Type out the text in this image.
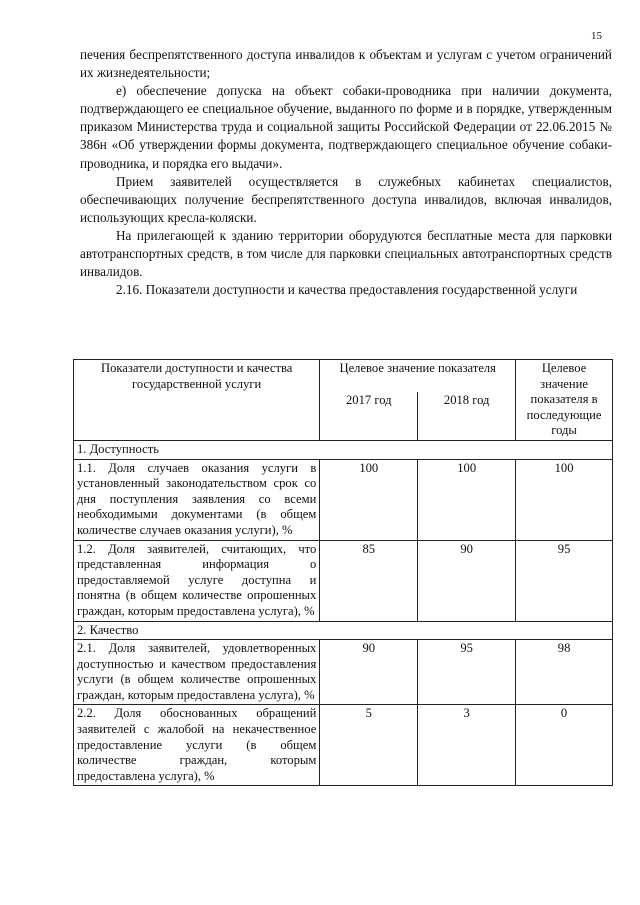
15

печения беспрепятственного доступа инвалидов к объектам и услугам с учетом ограничений их жизнедеятельности;

е) обеспечение допуска на объект собаки-проводника при наличии документа, подтверждающего ее специальное обучение, выданного по форме и в порядке, утвержденным приказом Министерства труда и социальной защиты Российской Федерации от 22.06.2015 № 386н «Об утверждении формы документа, подтверждающего специальное обучение собаки-проводника, и порядка его выдачи».

Прием заявителей осуществляется в служебных кабинетах специалистов, обеспечивающих получение беспрепятственного доступа инвалидов, включая инвалидов, использующих кресла-коляски.

На прилегающей к зданию территории оборудуются бесплатные места для парковки автотранспортных средств, в том числе для парковки специальных автотранспортных средств инвалидов.

2.16. Показатели доступности и качества предоставления государственной услуги

Показатели доступности и качества государственной услуги	Целевое значение показателя		Целевое значение показателя в последующие годы
	2017 год	2018 год	
1. Доступность			
1.1. Доля случаев оказания услуги в установленный законодательством срок со дня поступления заявления со всеми необходимыми документами (в общем количестве случаев оказания услуги), %	100	100	100
1.2. Доля заявителей, считающих, что представленная информация о предоставляемой услуге доступна и понятна (в общем количестве опрошенных граждан, которым предоставлена услуга), %	85	90	95
2. Качество			
2.1. Доля заявителей, удовлетворенных доступностью и качеством предоставления услуги (в общем количестве опрошенных граждан, которым предоставлена услуга), %	90	95	98
2.2. Доля обоснованных обращений заявителей с жалобой на некачественное предоставление услуги (в общем количестве граждан, которым предоставлена услуга), %	5	3	0
